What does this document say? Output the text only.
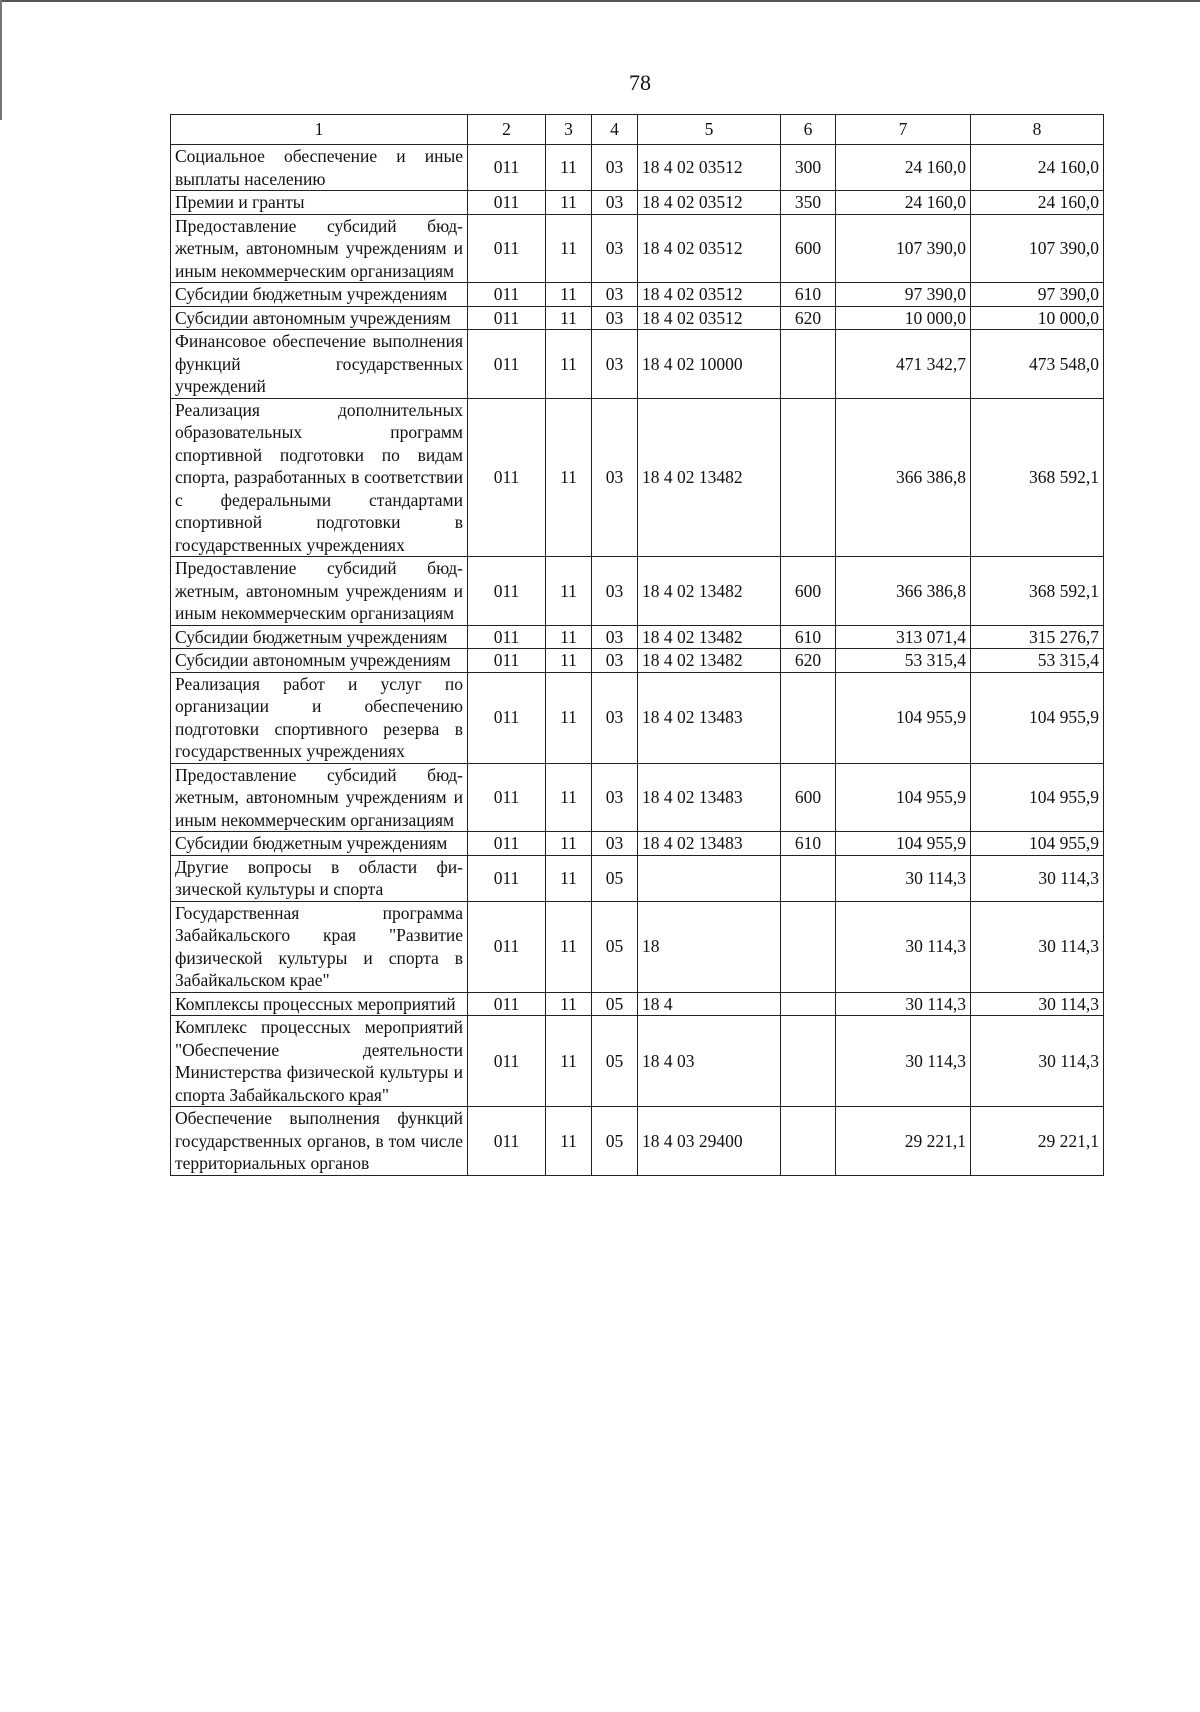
78
1	2	3	4	5	6	7	8
Социальное обеспечение и иные выплаты населению	011	11	03	18 4 02 03512	300	24 160,0	24 160,0
Премии и гранты	011	11	03	18 4 02 03512	350	24 160,0	24 160,0
Предоставление субсидий бюджетным, автономным учреждениям и иным некоммерческим организациям	011	11	03	18 4 02 03512	600	107 390,0	107 390,0
Субсидии бюджетным учреждениям	011	11	03	18 4 02 03512	610	97 390,0	97 390,0
Субсидии автономным учреждениям	011	11	03	18 4 02 03512	620	10 000,0	10 000,0
Финансовое обеспечение выполнения функций государственных учреждений	011	11	03	18 4 02 10000		471 342,7	473 548,0
Реализация дополнительных образовательных программ спортивной подготовки по видам спорта, разработанных в соответствии с федеральными стандартами спортивной подготовки в государственных учреждениях	011	11	03	18 4 02 13482		366 386,8	368 592,1
Предоставление субсидий бюджетным, автономным учреждениям и иным некоммерческим организациям	011	11	03	18 4 02 13482	600	366 386,8	368 592,1
Субсидии бюджетным учреждениям	011	11	03	18 4 02 13482	610	313 071,4	315 276,7
Субсидии автономным учреждениям	011	11	03	18 4 02 13482	620	53 315,4	53 315,4
Реализация работ и услуг по организации и обеспечению подготовки спортивного резерва в государственных учреждениях	011	11	03	18 4 02 13483		104 955,9	104 955,9
Предоставление субсидий бюджетным, автономным учреждениям и иным некоммерческим организациям	011	11	03	18 4 02 13483	600	104 955,9	104 955,9
Субсидии бюджетным учреждениям	011	11	03	18 4 02 13483	610	104 955,9	104 955,9
Другие вопросы в области физической культуры и спорта	011	11	05			30 114,3	30 114,3
Государственная программа Забайкальского края "Развитие физической культуры и спорта в Забайкальском крае"	011	11	05	18		30 114,3	30 114,3
Комплексы процессных мероприятий	011	11	05	18 4		30 114,3	30 114,3
Комплекс процессных мероприятий "Обеспечение деятельности Министерства физической культуры и спорта Забайкальского края"	011	11	05	18 4 03		30 114,3	30 114,3
Обеспечение выполнения функций государственных органов, в том числе территориальных органов	011	11	05	18 4 03 29400		29 221,1	29 221,1
